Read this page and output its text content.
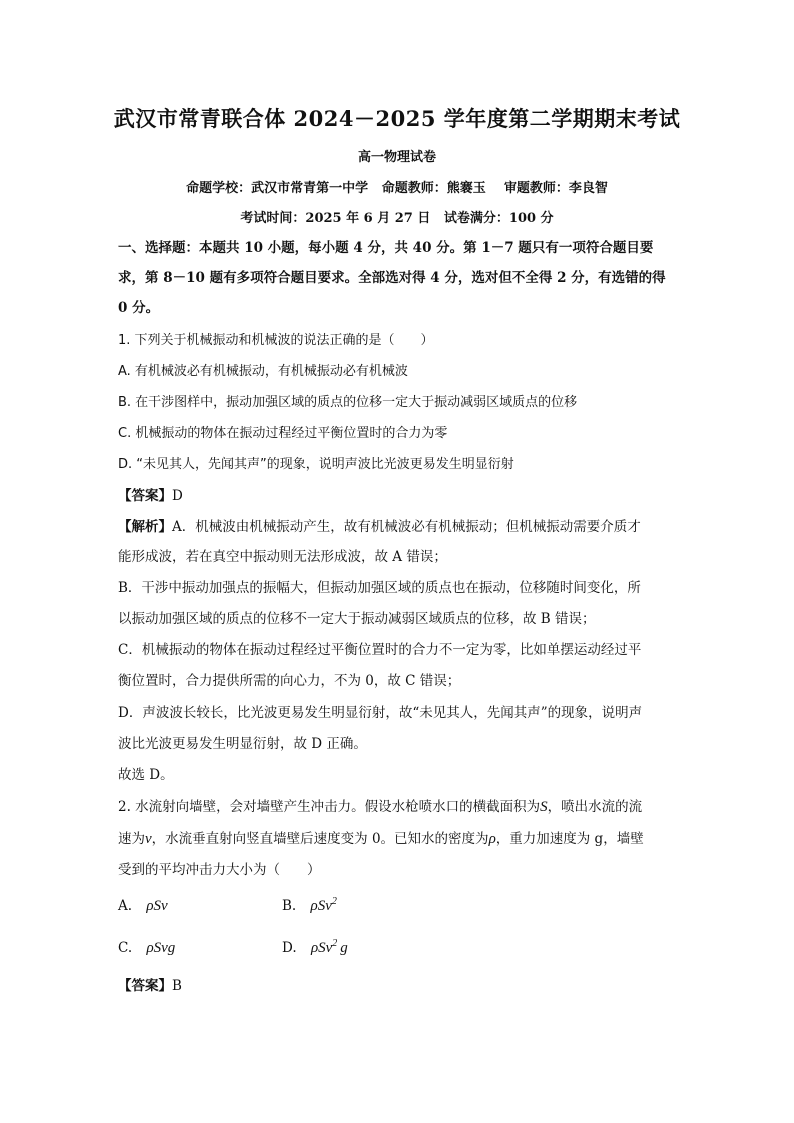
武汉市常青联合体 2024－2025 学年度第二学期期末考试
高一物理试卷
命题学校：武汉市常青第一中学   命题教师：熊褰玉    审题教师：李良智
考试时间：2025 年 6 月 27 日   试卷满分：100 分
一、选择题：本题共 10 小题，每小题 4 分，共 40 分。第 1－7 题只有一项符合题目要
求，第 8－10 题有多项符合题目要求。全部选对得 4 分，选对但不全得 2 分，有选错的得
0 分。
1. 下列关于机械振动和机械波的说法正确的是（　　）
A. 有机械波必有机械振动，有机械振动必有机械波
B. 在干涉图样中，振动加强区域的质点的位移一定大于振动减弱区域质点的位移
C. 机械振动的物体在振动过程经过平衡位置时的合力为零
D. “未见其人，先闻其声”的现象，说明声波比光波更易发生明显衍射
【答案】D
【解析】A．机械波由机械振动产生，故有机械波必有机械振动；但机械振动需要介质才
能形成波，若在真空中振动则无法形成波，故 A 错误；
B．干涉中振动加强点的振幅大，但振动加强区域的质点也在振动，位移随时间变化，所
以振动加强区域的质点的位移不一定大于振动减弱区域质点的位移，故 B 错误；
C．机械振动的物体在振动过程经过平衡位置时的合力不一定为零，比如单摆运动经过平
衡位置时，合力提供所需的向心力，不为 0，故 C 错误；
D．声波波长较长，比光波更易发生明显衍射，故“未见其人，先闻其声”的现象，说明声
波比光波更易发生明显衍射，故 D 正确。
故选 D。
2. 水流射向墙壁，会对墙壁产生冲击力。假设水枪喷水口的横截面积为S，喷出水流的流
速为v，水流垂直射向竖直墙壁后速度变为 0。已知水的密度为ρ，重力加速度为 g，墙壁
受到的平均冲击力大小为（　　）
A. ρSv	B. ρSv$^2$
C. ρSvg	D. ρSv$^2$ g
【答案】B
